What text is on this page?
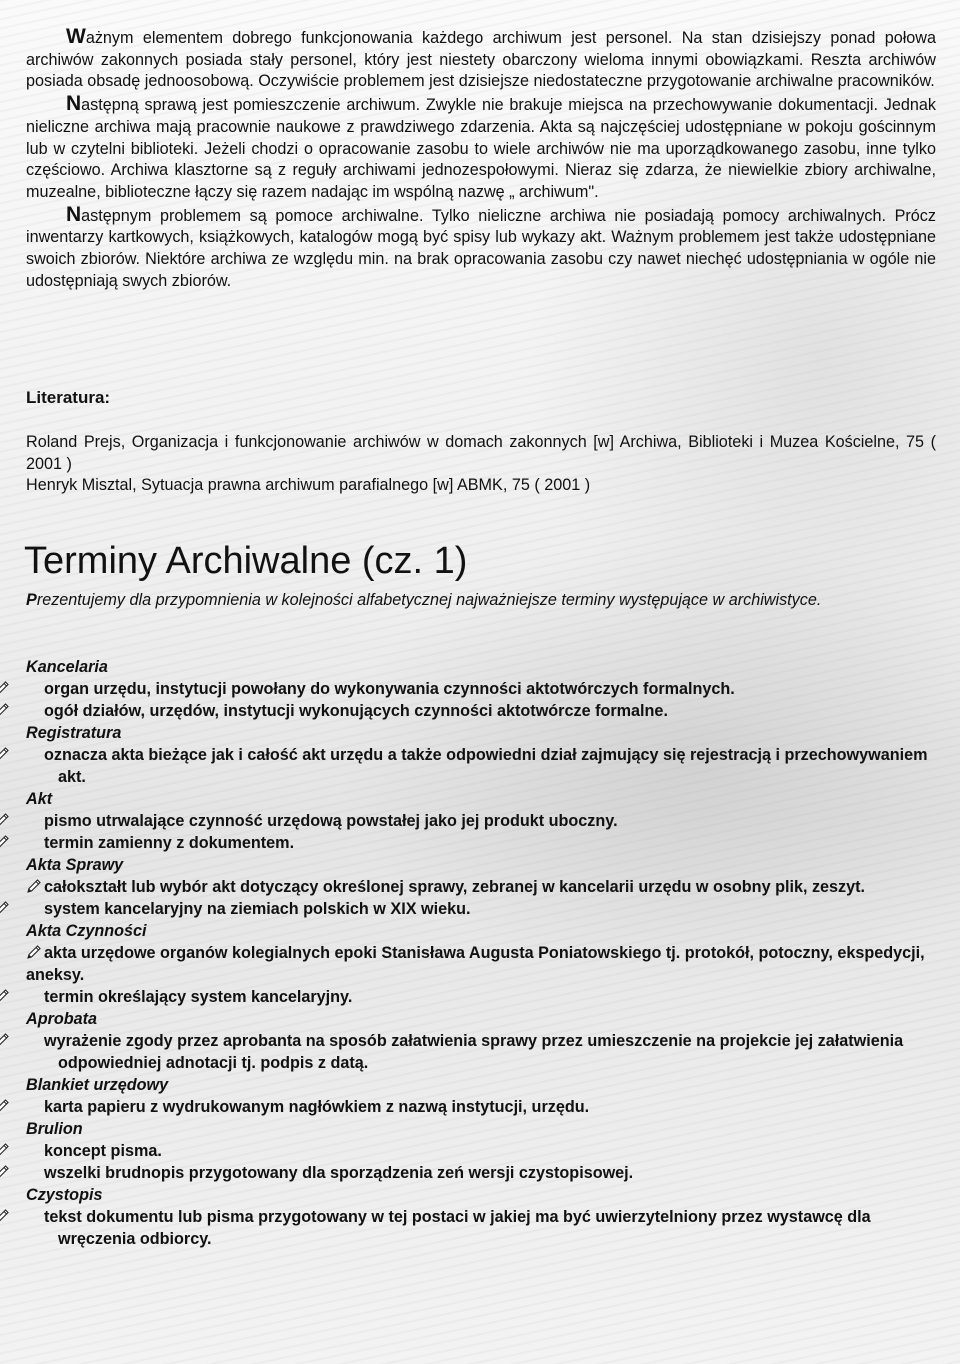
Ważnym elementem dobrego funkcjonowania każdego archiwum jest personel. Na stan dzisiejszy ponad połowa archiwów zakonnych posiada stały personel, który jest niestety obarczony wieloma innymi obowiązkami. Reszta archiwów posiada obsadę jednoosobową. Oczywiście problemem jest dzisiejsze niedostateczne przygotowanie archiwalne pracowników.

Następną sprawą jest pomieszczenie archiwum. Zwykle nie brakuje miejsca na przechowywanie dokumentacji. Jednak nieliczne archiwa mają pracownie naukowe z prawdziwego zdarzenia. Akta są najczęściej udostępniane w pokoju gościnnym lub w czytelni biblioteki. Jeżeli chodzi o opracowanie zasobu to wiele archiwów nie ma uporządkowanego zasobu, inne tylko częściowo. Archiwa klasztorne są z reguły archiwami jednozespołowymi. Nieraz się zdarza, że niewielkie zbiory archiwalne, muzealne, biblioteczne łączy się razem nadając im wspólną nazwę „ archiwum".

Następnym problemem są pomoce archiwalne. Tylko nieliczne archiwa nie posiadają pomocy archiwalnych. Prócz inwentarzy kartkowych, książkowych, katalogów mogą być spisy lub wykazy akt. Ważnym problemem jest także udostępniane swoich zbiorów. Niektóre archiwa ze względu min. na brak opracowania zasobu czy nawet niechęć udostępniania w ogóle nie udostępniają swych zbiorów.

Literatura:
Roland Prejs, Organizacja i funkcjonowanie archiwów w domach zakonnych [w] Archiwa, Biblioteki i Muzea Kościelne, 75 ( 2001 )
Henryk Misztal, Sytuacja prawna archiwum parafialnego [w] ABMK, 75 ( 2001 )
Terminy Archiwalne (cz. 1)

Prezentujemy dla przypomnienia w kolejności alfabetycznej najważniejsze terminy występujące w archiwistyce.

Kancelaria

organ urzędu, instytucji powołany do wykonywania czynności aktotwórczych formalnych.

ogół działów, urzędów, instytucji wykonujących czynności aktotwórcze formalne.

Registratura

oznacza akta bieżące jak i całość akt urzędu a także odpowiedni dział zajmujący się rejestracją i przechowywaniem akt.

Akt

pismo utrwalające czynność urzędową powstałej jako jej produkt uboczny.

termin zamienny z dokumentem.

Akta Sprawy

całokształt lub wybór akt dotyczący określonej sprawy, zebranej w kancelarii urzędu w osobny plik, zeszyt.

system kancelaryjny na ziemiach polskich w XIX wieku.

Akta Czynności

akta urzędowe organów kolegialnych epoki Stanisława Augusta Poniatowskiego tj. protokół, potoczny, ekspedycji, aneksy.

termin określający system kancelaryjny.

Aprobata

wyrażenie zgody przez aprobanta na sposób załatwienia sprawy przez umieszczenie na projekcie jej załatwienia odpowiedniej adnotacji tj. podpis z datą.

Blankiet urzędowy

karta papieru z wydrukowanym nagłówkiem z nazwą instytucji, urzędu.

Brulion

koncept pisma.

wszelki brudnopis przygotowany dla sporządzenia zeń wersji czystopisowej.

Czystopis

tekst dokumentu lub pisma przygotowany w tej postaci w jakiej ma być uwierzytelniony przez wystawcę dla wręczenia odbiorcy.
